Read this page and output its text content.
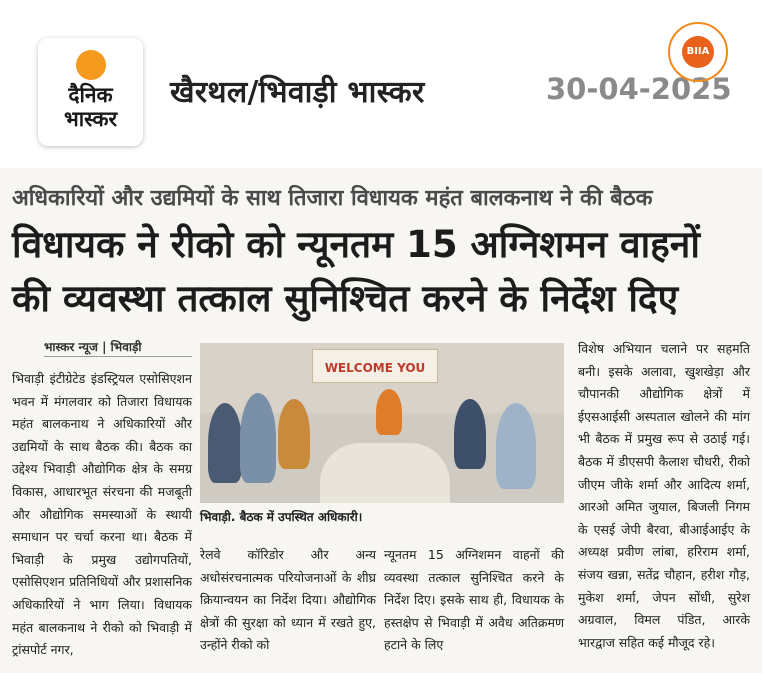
दैनिक
भास्कर
खैरथल/भिवाड़ी भास्कर	30-04-2025
BIIA
अधिकारियों और उद्यमियों के साथ तिजारा विधायक महंत बालकनाथ ने की बैठक
विधायक ने रीको को न्यूनतम 15 अग्निशमन वाहनों
की व्यवस्था तत्काल सुनिश्चित करने के निर्देश दिए
भास्कर न्यूज | भिवाड़ी
भिवाड़ी इंटीग्रेटेड इंडस्ट्रियल एसोसिएशन भवन में मंगलवार को तिजारा विधायक महंत बालकनाथ ने अधिकारियों और उद्यमियों के साथ बैठक की। बैठक का उद्देश्य भिवाड़ी औद्योगिक क्षेत्र के समग्र विकास, आधारभूत संरचना की मजबूती और औद्योगिक समस्याओं के स्थायी समाधान पर चर्चा करना था। बैठक में भिवाड़ी के प्रमुख उद्योगपतियों, एसोसिएशन प्रतिनिधियों और प्रशासनिक अधिकारियों ने भाग लिया। विधायक महंत बालकनाथ ने रीको को भिवाड़ी में ट्रांसपोर्ट नगर,
WELCOME YOU
भिवाड़ी. बैठक में उपस्थित अधिकारी।
रेलवे कॉरिडोर और अन्य अधोसंरचनात्मक परियोजनाओं के शीघ्र क्रियान्वयन का निर्देश दिया। औद्योगिक क्षेत्रों की सुरक्षा को ध्यान में रखते हुए, उन्होंने रीको को
न्यूनतम 15 अग्निशमन वाहनों की व्यवस्था तत्काल सुनिश्चित करने के निर्देश दिए। इसके साथ ही, विधायक के हस्तक्षेप से भिवाड़ी में अवैध अतिक्रमण हटाने के लिए
विशेष अभियान चलाने पर सहमति बनी। इसके अलावा, खुशखेड़ा और चौपानकी औद्योगिक क्षेत्रों में ईएसआईसी अस्पताल खोलने की मांग भी बैठक में प्रमुख रूप से उठाई गई। बैठक में डीएसपी कैलाश चौधरी, रीको जीएम जीके शर्मा और आदित्य शर्मा, आरओ अमित जुयाल, बिजली निगम के एसई जेपी बैरवा, बीआईआईए के अध्यक्ष प्रवीण लांबा, हरिराम शर्मा, संजय खन्ना, सतेंद्र चौहान, हरीश गौड़, मुकेश शर्मा, जेपन सोंधी, सुरेश अग्रवाल, विमल पंडित, आरके भारद्वाज सहित कई मौजूद रहे।
